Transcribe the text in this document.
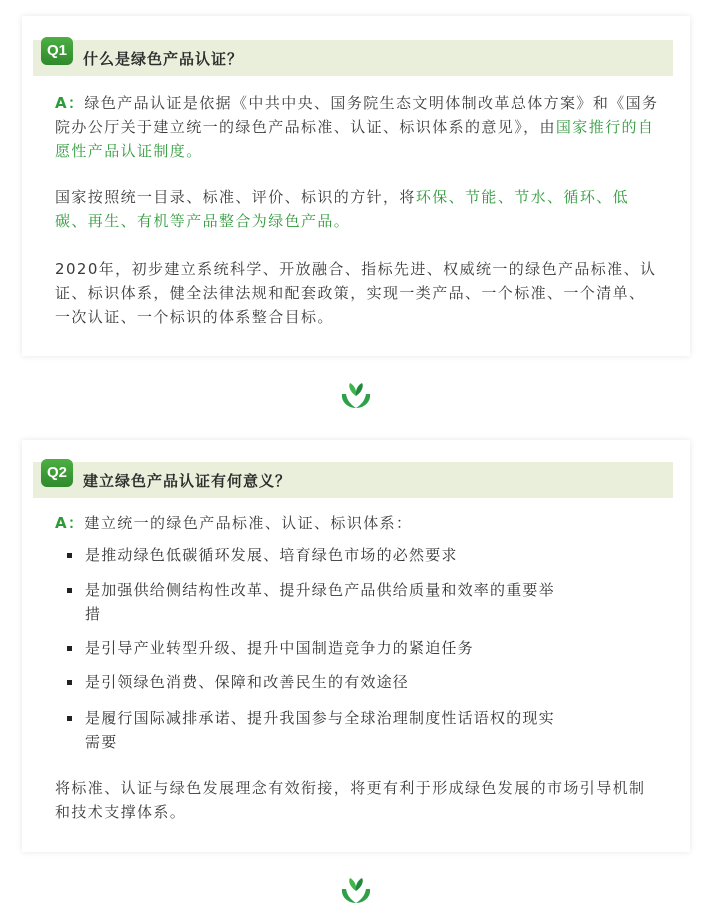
Q1	什么是绿色产品认证？

A：绿色产品认证是依据《中共中央、国务院生态文明体制改革总体方案》和《国务院办公厅关于建立统一的绿色产品标准、认证、标识体系的意见》，由国家推行的自愿性产品认证制度。

国家按照统一目录、标准、评价、标识的方针，将环保、节能、节水、循环、低碳、再生、有机等产品整合为绿色产品。

2020年，初步建立系统科学、开放融合、指标先进、权威统一的绿色产品标准、认证、标识体系，健全法律法规和配套政策，实现一类产品、一个标准、一个清单、一次认证、一个标识的体系整合目标。

Q2	建立绿色产品认证有何意义？

A：建立统一的绿色产品标准、认证、标识体系：

是推动绿色低碳循环发展、培育绿色市场的必然要求
是加强供给侧结构性改革、提升绿色产品供给质量和效率的重要举措
是引导产业转型升级、提升中国制造竞争力的紧迫任务
是引领绿色消费、保障和改善民生的有效途径
是履行国际减排承诺、提升我国参与全球治理制度性话语权的现实需要

将标准、认证与绿色发展理念有效衔接，将更有利于形成绿色发展的市场引导机制和技术支撑体系。
